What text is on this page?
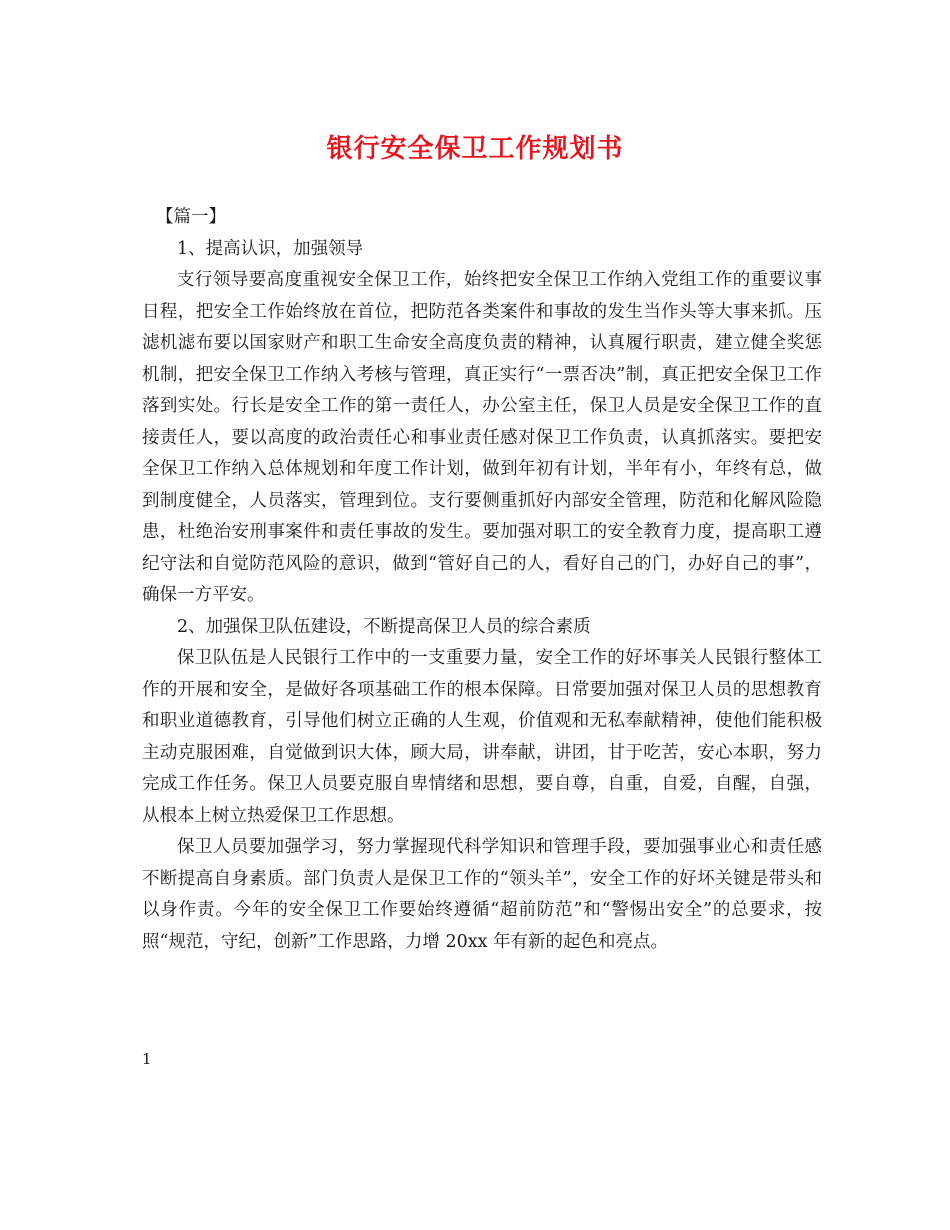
银行安全保卫工作规划书

【篇一】

1、提高认识，加强领导

支行领导要高度重视安全保卫工作，始终把安全保卫工作纳入党组工作的重要议事日程，把安全工作始终放在首位，把防范各类案件和事故的发生当作头等大事来抓。压滤机滤布要以国家财产和职工生命安全高度负责的精神，认真履行职责，建立健全奖惩机制，把安全保卫工作纳入考核与管理，真正实行“一票否决”制，真正把安全保卫工作落到实处。行长是安全工作的第一责任人，办公室主任，保卫人员是安全保卫工作的直接责任人，要以高度的政治责任心和事业责任感对保卫工作负责，认真抓落实。要把安全保卫工作纳入总体规划和年度工作计划，做到年初有计划，半年有小，年终有总，做到制度健全，人员落实，管理到位。支行要侧重抓好内部安全管理，防范和化解风险隐患，杜绝治安刑事案件和责任事故的发生。要加强对职工的安全教育力度，提高职工遵纪守法和自觉防范风险的意识，做到“管好自己的人，看好自己的门，办好自己的事”，确保一方平安。

2、加强保卫队伍建设，不断提高保卫人员的综合素质

保卫队伍是人民银行工作中的一支重要力量，安全工作的好坏事关人民银行整体工作的开展和安全，是做好各项基础工作的根本保障。日常要加强对保卫人员的思想教育和职业道德教育，引导他们树立正确的人生观，价值观和无私奉献精神，使他们能积极主动克服困难，自觉做到识大体，顾大局，讲奉献，讲团，甘于吃苦，安心本职，努力完成工作任务。保卫人员要克服自卑情绪和思想，要自尊，自重，自爱，自醒，自强，从根本上树立热爱保卫工作思想。

保卫人员要加强学习，努力掌握现代科学知识和管理手段，要加强事业心和责任感不断提高自身素质。部门负责人是保卫工作的“领头羊”，安全工作的好坏关键是带头和以身作责。今年的安全保卫工作要始终遵循“超前防范”和“警惕出安全”的总要求，按照“规范，守纪，创新”工作思路，力增 20xx 年有新的起色和亮点。

1
